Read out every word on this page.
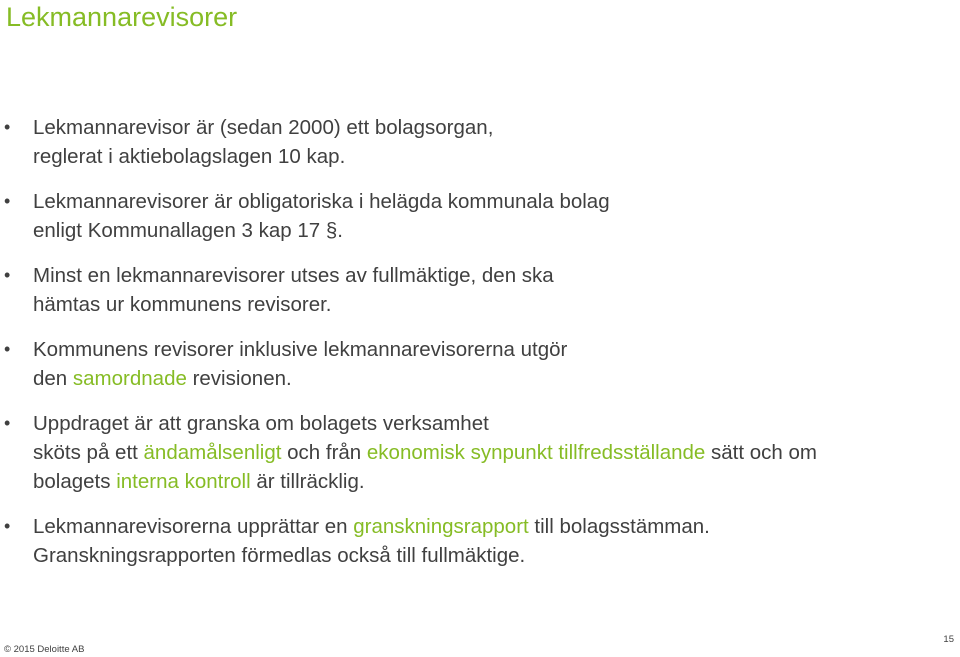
Lekmannarevisorer
• Lekmannarevisor är (sedan 2000) ett bolagsorgan,
reglerat i aktiebolagslagen 10 kap.
• Lekmannarevisorer är obligatoriska i helägda kommunala bolag
enligt Kommunallagen 3 kap 17 §.
• Minst en lekmannarevisorer utses av fullmäktige, den ska
hämtas ur kommunens revisorer.
• Kommunens revisorer inklusive lekmannarevisorerna utgör
den samordnade revisionen.
• Uppdraget är att granska om bolagets verksamhet
sköts på ett ändamålsenligt och från ekonomisk synpunkt tillfredsställande sätt och om
bolagets interna kontroll är tillräcklig.
• Lekmannarevisorerna upprättar en granskningsrapport till bolagsstämman.
Granskningsrapporten förmedlas också till fullmäktige.
© 2015 Deloitte AB
15
